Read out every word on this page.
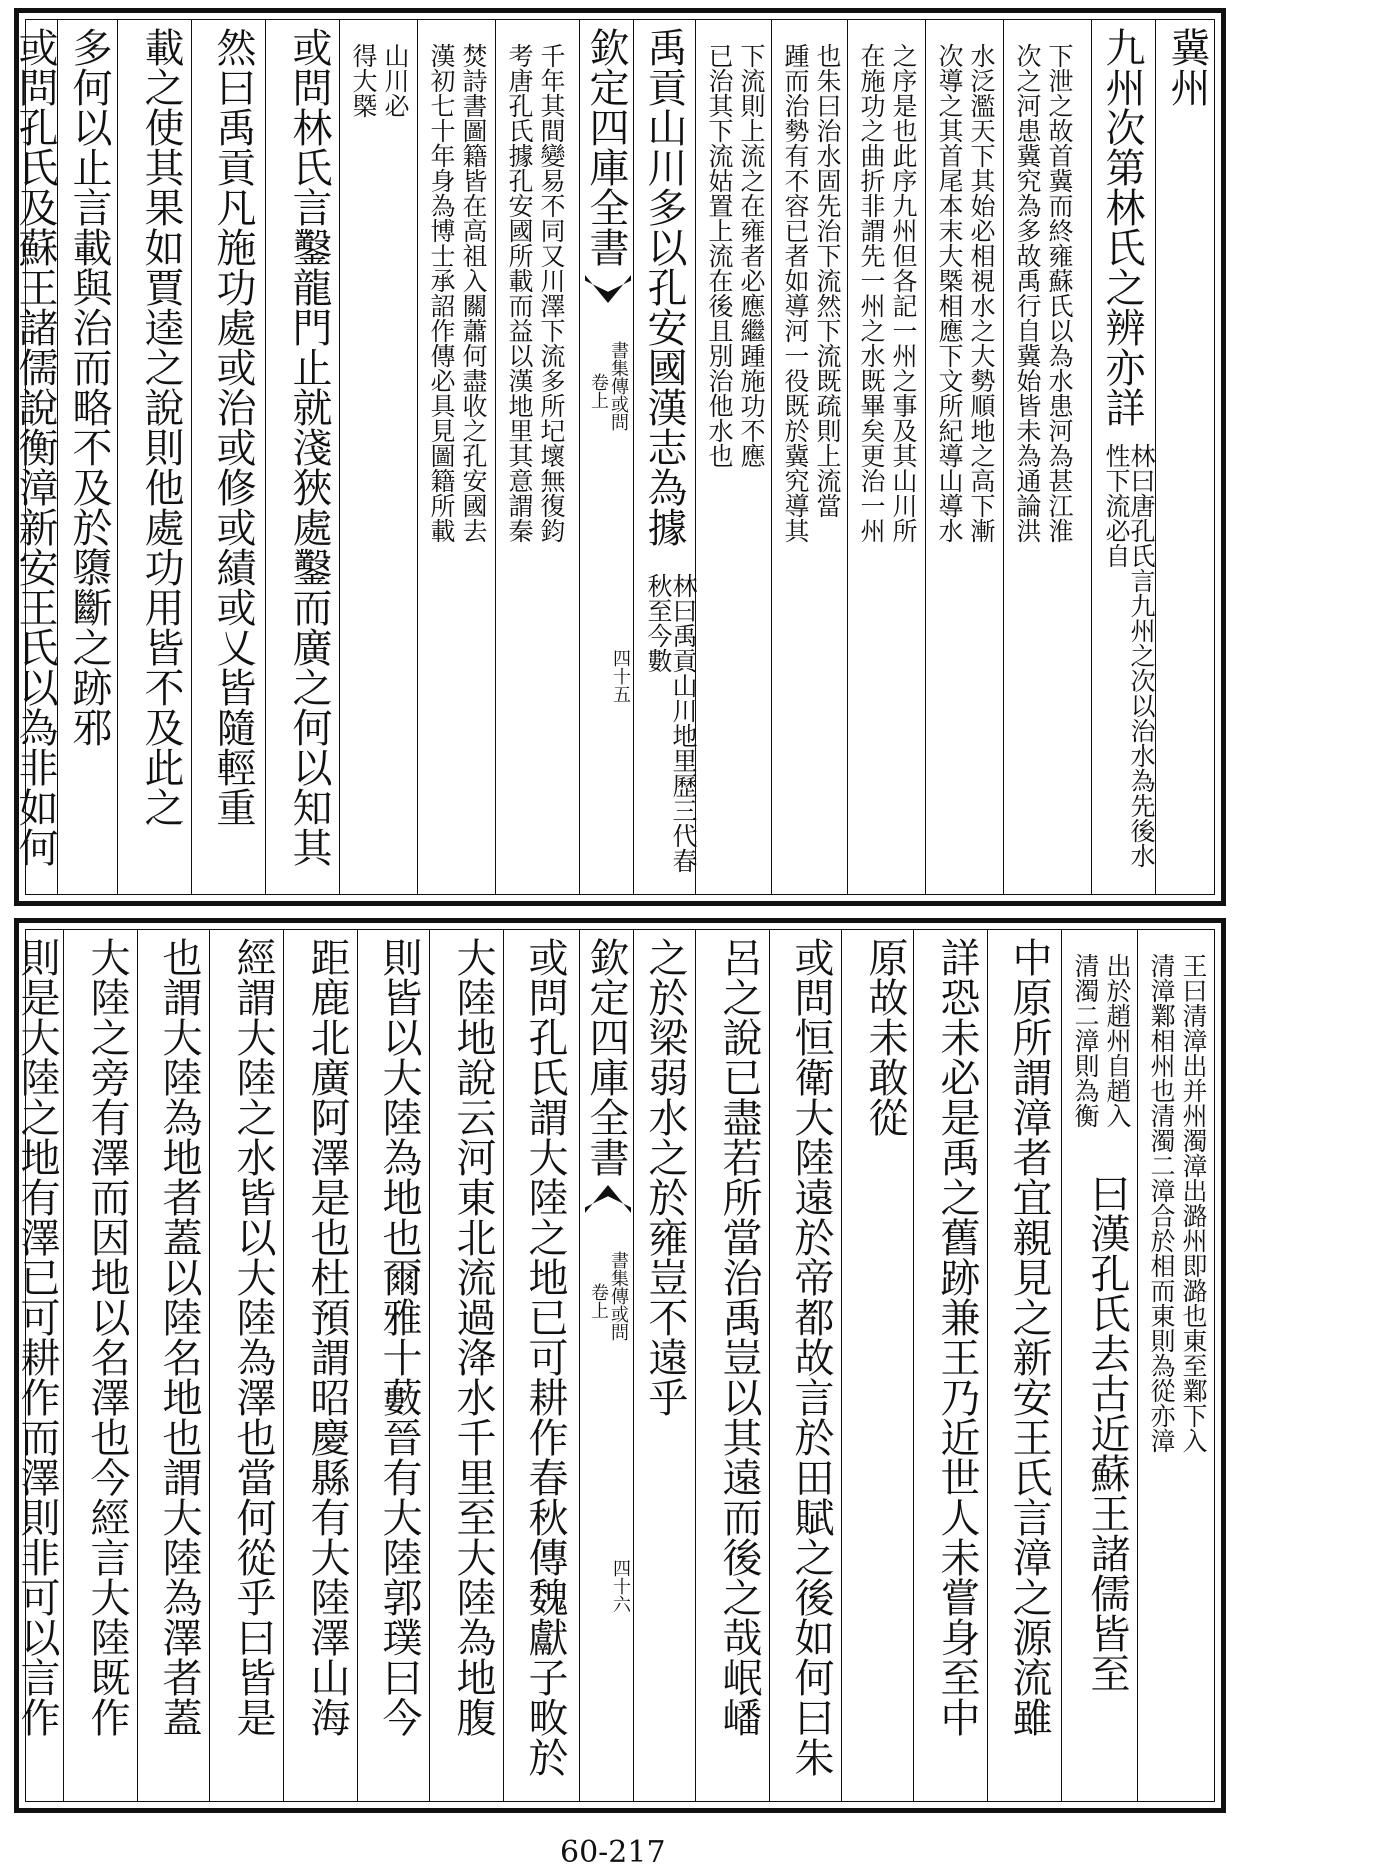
冀州
九州次第林氏之辨亦詳
林曰唐孔氏言九州之次以治水為先後水性下流必自
下泄之故首冀而終雍蘇氏以為水患河為甚江淮
次之河患冀究為多故禹行自冀始皆未為通論洪
水泛濫天下其始必相視水之大勢順地之高下漸
次導之其首尾本末大槩相應下文所紀導山導水
之序是也此序九州但各記一州之事及其山川所
在施功之曲折非謂先一州之水既畢矣更治一州
也朱曰治水固先治下流然下流既疏則上流當
踵而治勢有不容已者如導河一役既於冀究導其
下流則上流之在雍者必應繼踵施功不應
已治其下流姑置上流在後且別治他水也
禹貢山川多以孔安國漢志為據
林曰禹貢山川地里歷三代春秋至今數
欽定四庫全書
書集傳或問
卷上
四十五
千年其間變易不同又川澤下流多所圮壞無復鈞
考唐孔氏據孔安國所載而益以漢地里其意謂秦
焚詩書圖籍皆在高祖入關蕭何盡收之孔安國去
漢初七十年身為博士承詔作傳必具見圖籍所載
山川必
得大槩
或問林氏言鑿龍門止就淺狹處鑿而廣之何以知其
然曰禹貢凡施功處或治或修或績或乂皆隨輕重
載之使其果如賈逵之說則他處功用皆不及此之
多何以止言載與治而略不及於隳斷之跡邪
或問孔氏及蘇王諸儒說衡漳新安王氏以為非如何
王曰清漳出并州濁漳出潞州即潞也東至鄴下入
清漳鄴相州也清濁二漳合於相而東則為從亦漳
出於趙州自趙入
清濁二漳則為衡
曰漢孔氏去古近蘇王諸儒皆至
中原所謂漳者宜親見之新安王氏言漳之源流雖
詳恐未必是禹之舊跡兼王乃近世人未嘗身至中
原故未敢從
或問恒衛大陸遠於帝都故言於田賦之後如何曰朱
呂之說已盡若所當治禹豈以其遠而後之哉岷嶓
之於梁弱水之於雍豈不遠乎
欽定四庫全書
書集傳或問
卷上
四十六
或問孔氏謂大陸之地已可耕作春秋傳魏獻子畋於
大陸地說云河東北流過洚水千里至大陸為地腹
則皆以大陸為地也爾雅十藪晉有大陸郭璞曰今
距鹿北廣阿澤是也杜預謂昭慶縣有大陸澤山海
經謂大陸之水皆以大陸為澤也當何從乎曰皆是
也謂大陸為地者蓋以陸名地也謂大陸為澤者蓋
大陸之旁有澤而因地以名澤也今經言大陸既作
則是大陸之地有澤已可耕作而澤則非可以言作
60-217
